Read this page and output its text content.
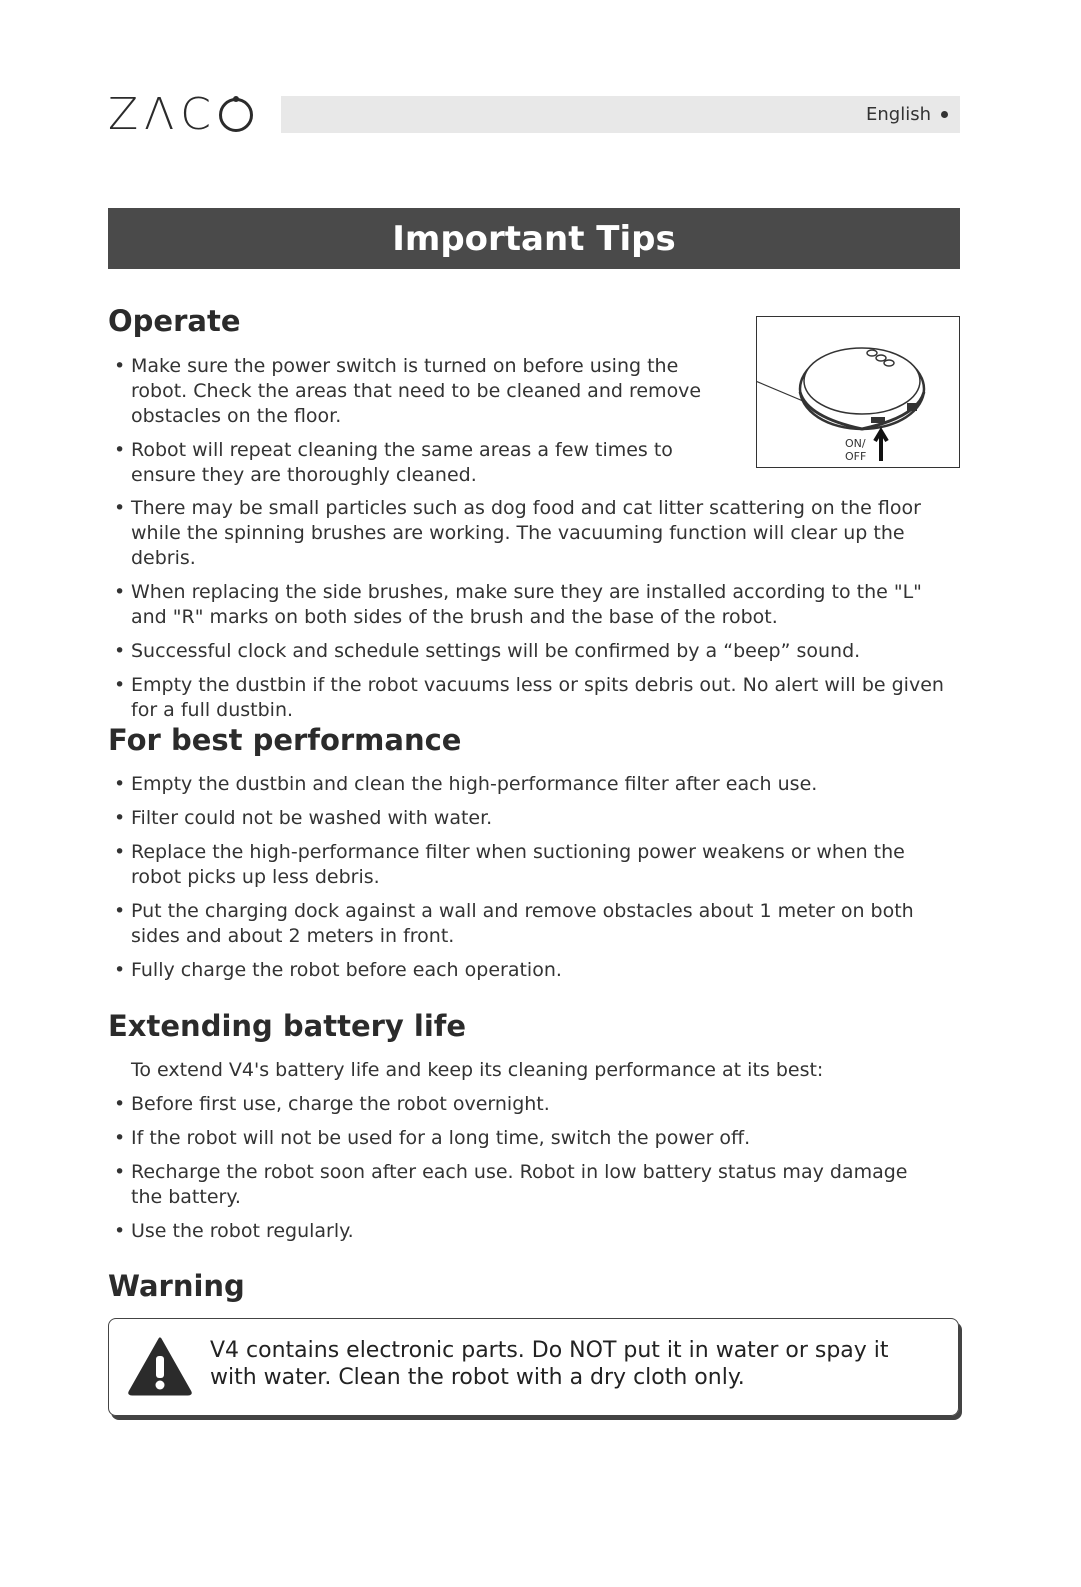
ZΛC	English
Important Tips
Operate
• Make sure the power switch is turned on before using the robot. Check the areas that need to be cleaned and remove obstacles on the floor.
• Robot will repeat cleaning the same areas a few times to ensure they are thoroughly cleaned.
• There may be small particles such as dog food and cat litter scattering on the floor while the spinning brushes are working. The vacuuming function will clear up the debris.
• When replacing the side brushes, make sure they are installed according to the "L" and "R" marks on both sides of the brush and the base of the robot.
• Successful clock and schedule settings will be confirmed by a “beep” sound.
• Empty the dustbin if the robot vacuums less or spits debris out. No alert will be given for a full dustbin.
ON/
OFF
For best performance
• Empty the dustbin and clean the high-performance filter after each use.
• Filter could not be washed with water.
• Replace the high-performance filter when suctioning power weakens or when the robot picks up less debris.
• Put the charging dock against a wall and remove obstacles about 1 meter on both sides and about 2 meters in front.
• Fully charge the robot before each operation.
Extending battery life
To extend V4's battery life and keep its cleaning performance at its best:
• Before first use, charge the robot overnight.
• If the robot will not be used for a long time, switch the power off.
• Recharge the robot soon after each use. Robot in low battery status may damage the battery.
• Use the robot regularly.
Warning
V4 contains electronic parts. Do NOT put it in water or spay it with water. Clean the robot with a dry cloth only.
